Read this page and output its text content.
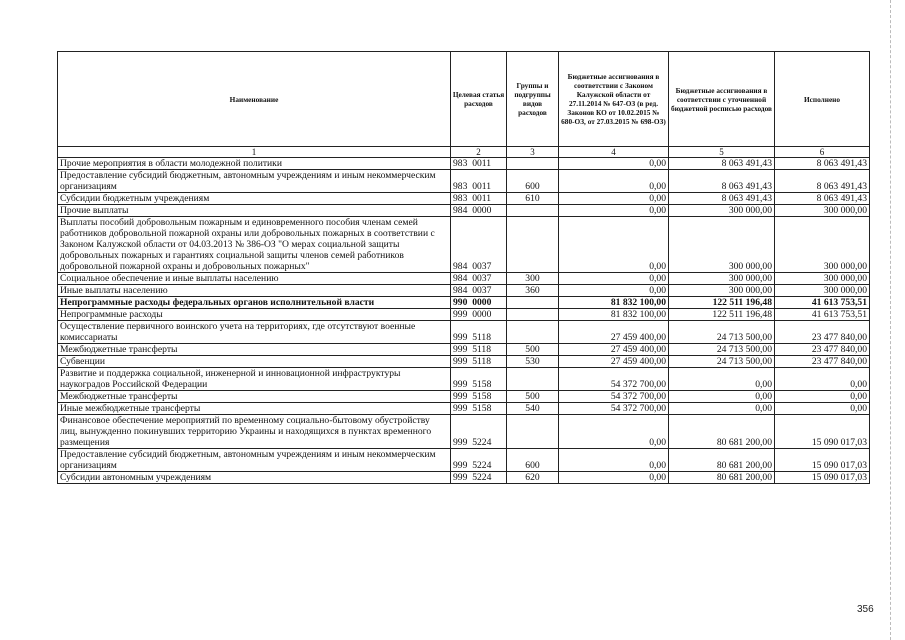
Наименование	Целевая статья расходов	Группы и подгруппы видов расходов	Бюджетные ассигнования в соответствии с Законом Калужской области от 27.11.2014 № 647-ОЗ (в ред. Законов КО от 10.02.2015 № 680-ОЗ, от 27.03.2015 № 698-ОЗ)	Бюджетные ассигнования в соответствии с уточненной бюджетной росписью расходов	Исполнено
1	2	3	4	5	6
Прочие мероприятия в области молодежной политики	983  0011		0,00	8 063 491,43	8 063 491,43
Предоставление субсидий бюджетным, автономным учреждениям и иным некоммерческим организациям	983  0011	600	0,00	8 063 491,43	8 063 491,43
Субсидии бюджетным учреждениям	983  0011	610	0,00	8 063 491,43	8 063 491,43
Прочие выплаты	984  0000		0,00	300 000,00	300 000,00
Выплаты пособий добровольным пожарным и единовременного пособия членам семей работников добровольной пожарной охраны или добровольных пожарных в соответствии с Законом Калужской области от 04.03.2013 № 386-ОЗ "О мерах социальной защиты добровольных пожарных и гарантиях социальной защиты членов семей работников добровольной пожарной охраны и добровольных пожарных"	984  0037		0,00	300 000,00	300 000,00
Социальное обеспечение и иные выплаты населению	984  0037	300	0,00	300 000,00	300 000,00
Иные выплаты населению	984  0037	360	0,00	300 000,00	300 000,00
Непрограммные расходы федеральных органов исполнительной власти	990  0000		81 832 100,00	122 511 196,48	41 613 753,51
Непрограммные расходы	999  0000		81 832 100,00	122 511 196,48	41 613 753,51
Осуществление первичного воинского учета на территориях, где отсутствуют военные комиссариаты	999  5118		27 459 400,00	24 713 500,00	23 477 840,00
Межбюджетные трансферты	999  5118	500	27 459 400,00	24 713 500,00	23 477 840,00
Субвенции	999  5118	530	27 459 400,00	24 713 500,00	23 477 840,00
Развитие и поддержка социальной, инженерной и инновационной инфраструктуры наукоградов Российской Федерации	999  5158		54 372 700,00	0,00	0,00
Межбюджетные трансферты	999  5158	500	54 372 700,00	0,00	0,00
Иные межбюджетные трансферты	999  5158	540	54 372 700,00	0,00	0,00
Финансовое обеспечение мероприятий по временному социально-бытовому обустройству лиц, вынужденно покинувших территорию Украины и находящихся в пунктах временного размещения	999  5224		0,00	80 681 200,00	15 090 017,03
Предоставление субсидий бюджетным, автономным учреждениям и иным некоммерческим организациям	999  5224	600	0,00	80 681 200,00	15 090 017,03
Субсидии автономным учреждениям	999  5224	620	0,00	80 681 200,00	15 090 017,03
356
